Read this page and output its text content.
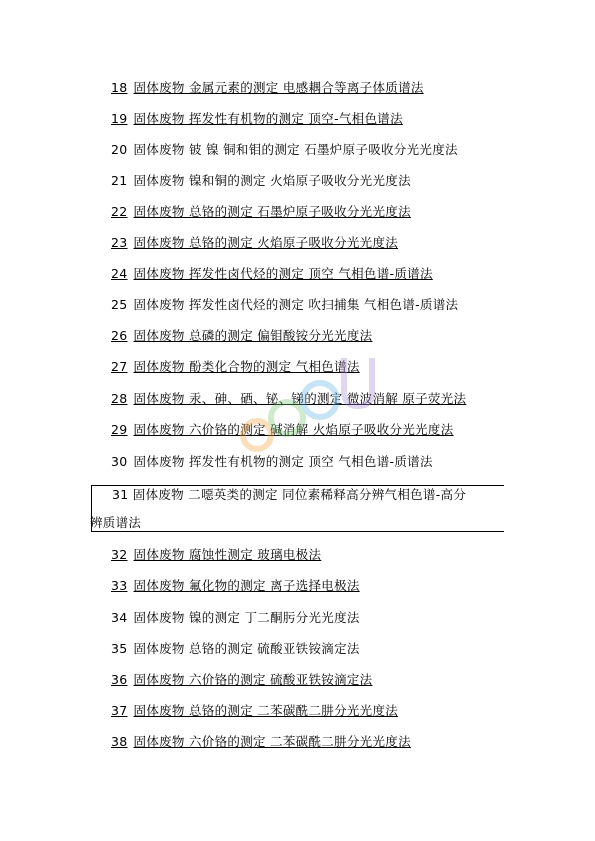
18 固体废物 金属元素的测定 电感耦合等离子体质谱法
19 固体废物 挥发性有机物的测定 顶空-气相色谱法
20 固体废物 铍 镍 铜和钼的测定 石墨炉原子吸收分光光度法
21 固体废物 镍和铜的测定 火焰原子吸收分光光度法
22 固体废物 总铬的测定 石墨炉原子吸收分光光度法
23 固体废物 总铬的测定 火焰原子吸收分光光度法
24 固体废物 挥发性卤代烃的测定 顶空 气相色谱-质谱法
25 固体废物 挥发性卤代烃的测定 吹扫捕集 气相色谱-质谱法
26 固体废物 总磷的测定 偏钼酸铵分光光度法
27 固体废物 酚类化合物的测定 气相色谱法
28 固体废物 汞、砷、硒、铋、锑的测定 微波消解 原子荧光法
29 固体废物 六价铬的测定 碱消解 火焰原子吸收分光光度法
30 固体废物 挥发性有机物的测定 顶空 气相色谱-质谱法
31 固体废物 二噁英类的测定 同位素稀释高分辨气相色谱-高分
辨质谱法
32 固体废物 腐蚀性测定 玻璃电极法
33 固体废物 氟化物的测定 离子选择电极法
34 固体废物 镍的测定 丁二酮肟分光光度法
35 固体废物 总铬的测定 硫酸亚铁铵滴定法
36 固体废物 六价铬的测定 硫酸亚铁铵滴定法
37 固体废物 总铬的测定 二苯碳酰二肼分光光度法
38 固体废物 六价铬的测定 二苯碳酰二肼分光光度法
